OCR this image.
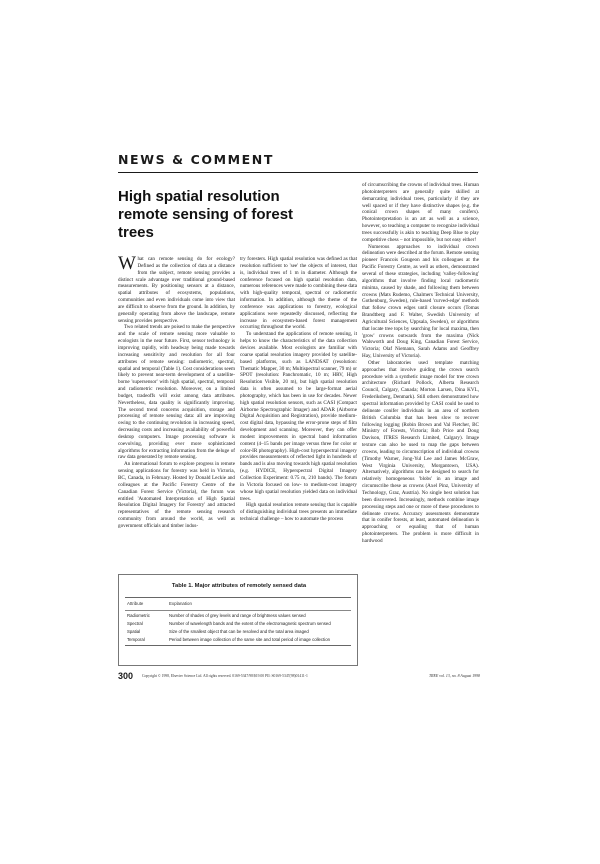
NEWS & COMMENT
High spatial resolution remote sensing of forest trees

What can remote sensing do for ecology? Defined as the collection of data at a distance from the subject, remote sensing provides a distinct scale advantage over traditional ground-based measurements. By positioning sensors at a distance, spatial attributes of ecosystems, populations, communities and even individuals come into view that are difficult to observe from the ground. In addition, by generally operating from above the landscape, remote sensing provides perspective.

Two related trends are poised to make the perspective and the scale of remote sensing more valuable to ecologists in the near future. First, sensor technology is improving rapidly, with headway being made towards increasing sensitivity and resolution for all four attributes of remote sensing: radiometric, spectral, spatial and temporal (Table 1). Cost considerations seem likely to prevent near-term development of a satellite-borne 'supersensor' with high spatial, spectral, temporal and radiometric resolution. Moreover, on a limited budget, tradeoffs will exist among data attributes. Nevertheless, data quality is significantly improving. The second trend concerns acquisition, storage and processing of remote sensing data: all are improving owing to the continuing revolution in increasing speed, decreasing costs and increasing availability of powerful desktop computers. Image processing software is coevolving, providing ever more sophisticated algorithms for extracting information from the deluge of raw data generated by remote sensing.

An international forum to explore progress in remote sensing applications for forestry was held in Victoria, BC, Canada, in February. Hosted by Donald Leckie and colleagues at the Pacific Forestry Centre of the Canadian Forest Service (Victoria), the forum was entitled 'Automated Interpretation of High Spatial Resolution Digital Imagery for Forestry' and attracted representatives of the remote sensing research community from around the world, as well as government officials and timber indus-

try foresters. High spatial resolution was defined as that resolution sufficient to 'see' the objects of interest, that is, individual trees of 1 m in diameter. Although the conference focused on high spatial resolution data, numerous references were made to combining these data with high-quality temporal, spectral or radiometric information. In addition, although the theme of the conference was applications to forestry, ecological applications were repeatedly discussed, reflecting the increase in ecosystem-based forest management occurring throughout the world.

To understand the applications of remote sensing, it helps to know the characteristics of the data collection devices available. Most ecologists are familiar with coarse spatial resolution imagery provided by satellite-based platforms, such as LANDSAT (resolution: Thematic Mapper, 30 m; Multispectral scanner, 79 m) or SPOT (resolution: Panchromatic, 10 m; HRV, High Resolution Visible, 20 m), but high spatial resolution data is often assumed to be large-format aerial photography, which has been in use for decades. Newer high spatial resolution sensors, such as CASI (Compact Airborne Spectrographic Imager) and ADAR (Airborne Digital Acquisition and Registration), provide medium-cost digital data, bypassing the error-prone steps of film development and scanning. Moreover, they can offer modest improvements in spectral band information content (4–15 bands per image versus three for color or color-IR photography). High-cost hyperspectral imagery provides measurements of reflected light in hundreds of bands and is also moving towards high spatial resolution (e.g. HYDICE, Hyperspectral Digital Imagery Collection Experiment: 0.75 m, 210 bands). The forum in Victoria focused on low- to medium-cost imagery whose high spatial resolution yielded data on individual trees.

High spatial resolution remote sensing that is capable of distinguishing individual trees presents an immediate technical challenge – how to automate the process

of circumscribing the crowns of individual trees. Human photointerpreters are generally quite skilled at demarcating individual trees, particularly if they are well spaced or if they have distinctive shapes (e.g. the conical crown shapes of many conifers). Photointerpretation is an art as well as a science, however, so teaching a computer to recognize individual trees successfully is akin to teaching Deep Blue to play competitive chess – not impossible, but not easy either!

Numerous approaches to individual crown delineation were described at the forum. Remote sensing pioneer Francois Gougeon and his colleagues at the Pacific Forestry Centre, as well as others, demonstrated several of these strategies, including 'valley-following' algorithms that involve finding local radiometric minima, caused by shade, and following them between crowns (Mats Rudemo, Chalmers Technical University, Gothenburg, Sweden), rule-based 'curved-edge' methods that follow crown edges until closure occurs (Tomas Brandtberg and F. Walter, Swedish University of Agricultural Sciences, Uppsala, Sweden), or algorithms that locate tree tops by searching for local maxima, then 'grow' crowns outwards from the maxima (Nick Walsworth and Doug King, Canadian Forest Service, Victoria; Olaf Niemann, Sarah Adams and Geoffrey Hay, University of Victoria).

Other laboratories used template matching approaches that involve guiding the crown search procedure with a synthetic image model for tree crown architecture (Richard Pollock, Alberta Research Council, Calgary, Canada; Morton Larsen, Dina KVL, Frederiksberg, Denmark). Still others demonstrated how spectral information provided by CASI could be used to delineate conifer individuals in an area of northern British Columbia that has been slow to recover following logging (Robin Brown and Val Fletcher, BC Ministry of Forests, Victoria; Rob Price and Doug Davison, ITRES Research Limited, Calgary). Image texture can also be used to map the gaps between crowns, leading to circumscription of individual crowns (Timothy Warner, Jong-Yul Lee and James McGraw, West Virginia University, Morgantown, USA). Alternatively, algorithms can be designed to search for relatively homogeneous 'blobs' in an image and circumscribe these as crowns (Axel Pinz, University of Technology, Graz, Austria). No single best solution has been discovered. Increasingly, methods combine image processing steps and one or more of these procedures to delineate crowns. Accuracy assessments demonstrate that in conifer forests, at least, automated delineation is approaching or equaling that of human photointerpreters. The problem is more difficult in hardwood

Table 1. Major attributes of remotely sensed data
Attribute	Explanation
Radiometric	Number of shades of grey levels and range of brightness values sensed
Spectral	Number of wavelength bands and the extent of the electromagnetic spectrum sensed
Spatial	Size of the smallest object that can be resolved and the total area imaged
Temporal	Period between image collection of the same site and total period of image collection
300 Copyright © 1998, Elsevier Science Ltd. All rights reserved. 0169-5347/98/$19.00 PII: S0169-5347(98)01411-1	TREE vol. 13, no. 8 August 1998
